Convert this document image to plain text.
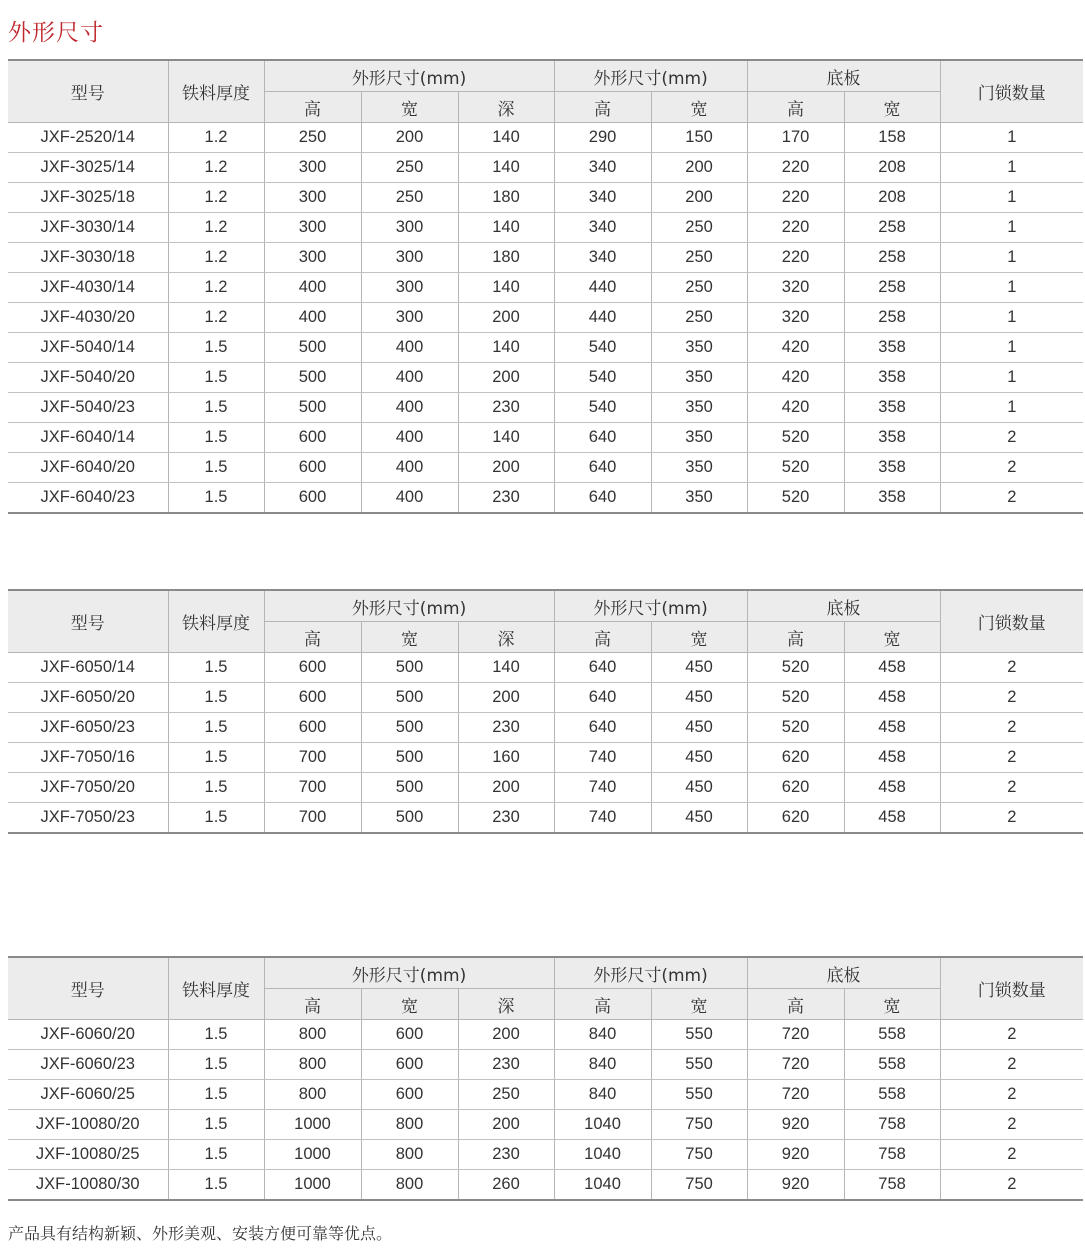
外形尺寸
型号	铁料厚度	外形尺寸(mm)			外形尺寸(mm)		底板		门锁数量
		高	宽	深	高	宽	高	宽	
JXF-2520/14	1.2	250	200	140	290	150	170	158	1
JXF-3025/14	1.2	300	250	140	340	200	220	208	1
JXF-3025/18	1.2	300	250	180	340	200	220	208	1
JXF-3030/14	1.2	300	300	140	340	250	220	258	1
JXF-3030/18	1.2	300	300	180	340	250	220	258	1
JXF-4030/14	1.2	400	300	140	440	250	320	258	1
JXF-4030/20	1.2	400	300	200	440	250	320	258	1
JXF-5040/14	1.5	500	400	140	540	350	420	358	1
JXF-5040/20	1.5	500	400	200	540	350	420	358	1
JXF-5040/23	1.5	500	400	230	540	350	420	358	1
JXF-6040/14	1.5	600	400	140	640	350	520	358	2
JXF-6040/20	1.5	600	400	200	640	350	520	358	2
JXF-6040/23	1.5	600	400	230	640	350	520	358	2
型号	铁料厚度	外形尺寸(mm)			外形尺寸(mm)		底板		门锁数量
		高	宽	深	高	宽	高	宽	
JXF-6050/14	1.5	600	500	140	640	450	520	458	2
JXF-6050/20	1.5	600	500	200	640	450	520	458	2
JXF-6050/23	1.5	600	500	230	640	450	520	458	2
JXF-7050/16	1.5	700	500	160	740	450	620	458	2
JXF-7050/20	1.5	700	500	200	740	450	620	458	2
JXF-7050/23	1.5	700	500	230	740	450	620	458	2
型号	铁料厚度	外形尺寸(mm)			外形尺寸(mm)		底板		门锁数量
		高	宽	深	高	宽	高	宽	
JXF-6060/20	1.5	800	600	200	840	550	720	558	2
JXF-6060/23	1.5	800	600	230	840	550	720	558	2
JXF-6060/25	1.5	800	600	250	840	550	720	558	2
JXF-10080/20	1.5	1000	800	200	1040	750	920	758	2
JXF-10080/25	1.5	1000	800	230	1040	750	920	758	2
JXF-10080/30	1.5	1000	800	260	1040	750	920	758	2
产品具有结构新颖、外形美观、安装方便可靠等优点。
